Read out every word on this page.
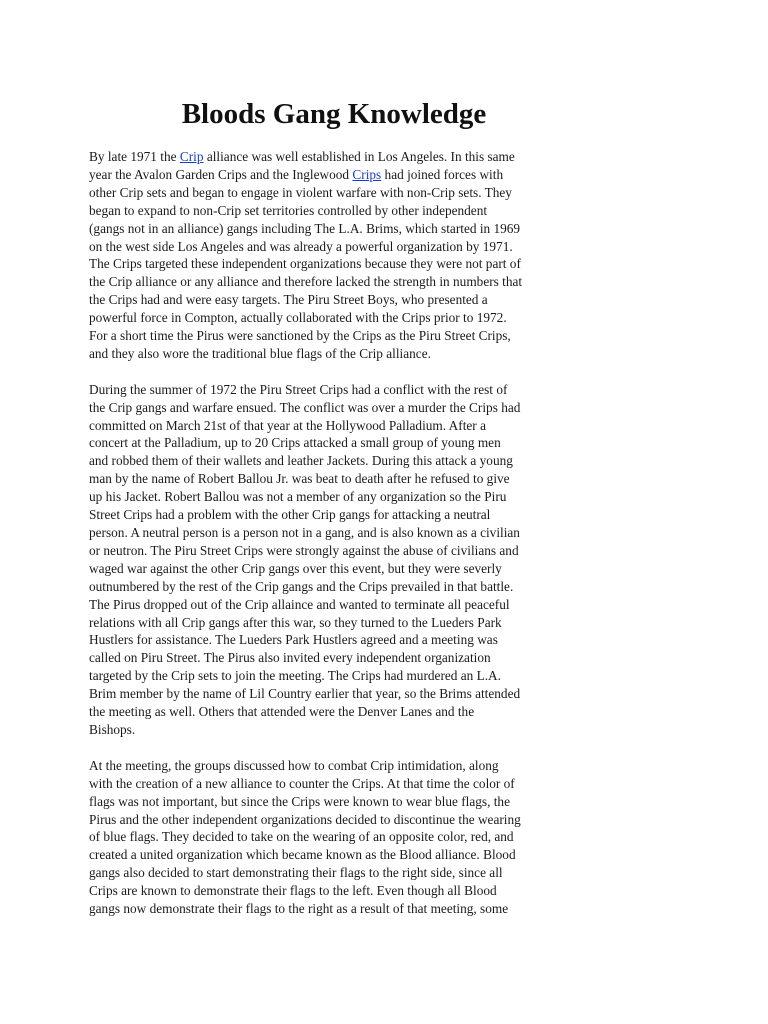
Bloods Gang Knowledge

By late 1971 the Crip alliance was well established in Los Angeles. In this same
year the Avalon Garden Crips and the Inglewood Crips had joined forces with
other Crip sets and began to engage in violent warfare with non-Crip sets. They
began to expand to non-Crip set territories controlled by other independent
(gangs not in an alliance) gangs including The L.A. Brims, which started in 1969
on the west side Los Angeles and was already a powerful organization by 1971.
The Crips targeted these independent organizations because they were not part of
the Crip alliance or any alliance and therefore lacked the strength in numbers that
the Crips had and were easy targets. The Piru Street Boys, who presented a
powerful force in Compton, actually collaborated with the Crips prior to 1972.
For a short time the Pirus were sanctioned by the Crips as the Piru Street Crips,
and they also wore the traditional blue flags of the Crip alliance.

During the summer of 1972 the Piru Street Crips had a conflict with the rest of
the Crip gangs and warfare ensued. The conflict was over a murder the Crips had
committed on March 21st of that year at the Hollywood Palladium. After a
concert at the Palladium, up to 20 Crips attacked a small group of young men
and robbed them of their wallets and leather Jackets. During this attack a young
man by the name of Robert Ballou Jr. was beat to death after he refused to give
up his Jacket. Robert Ballou was not a member of any organization so the Piru
Street Crips had a problem with the other Crip gangs for attacking a neutral
person. A neutral person is a person not in a gang, and is also known as a civilian
or neutron. The Piru Street Crips were strongly against the abuse of civilians and
waged war against the other Crip gangs over this event, but they were severly
outnumbered by the rest of the Crip gangs and the Crips prevailed in that battle.
The Pirus dropped out of the Crip allaince and wanted to terminate all peaceful
relations with all Crip gangs after this war, so they turned to the Lueders Park
Hustlers for assistance. The Lueders Park Hustlers agreed and a meeting was
called on Piru Street. The Pirus also invited every independent organization
targeted by the Crip sets to join the meeting. The Crips had murdered an L.A.
Brim member by the name of Lil Country earlier that year, so the Brims attended
the meeting as well. Others that attended were the Denver Lanes and the
Bishops.

At the meeting, the groups discussed how to combat Crip intimidation, along
with the creation of a new alliance to counter the Crips. At that time the color of
flags was not important, but since the Crips were known to wear blue flags, the
Pirus and the other independent organizations decided to discontinue the wearing
of blue flags. They decided to take on the wearing of an opposite color, red, and
created a united organization which became known as the Blood alliance. Blood
gangs also decided to start demonstrating their flags to the right side, since all
Crips are known to demonstrate their flags to the left. Even though all Blood
gangs now demonstrate their flags to the right as a result of that meeting, some
